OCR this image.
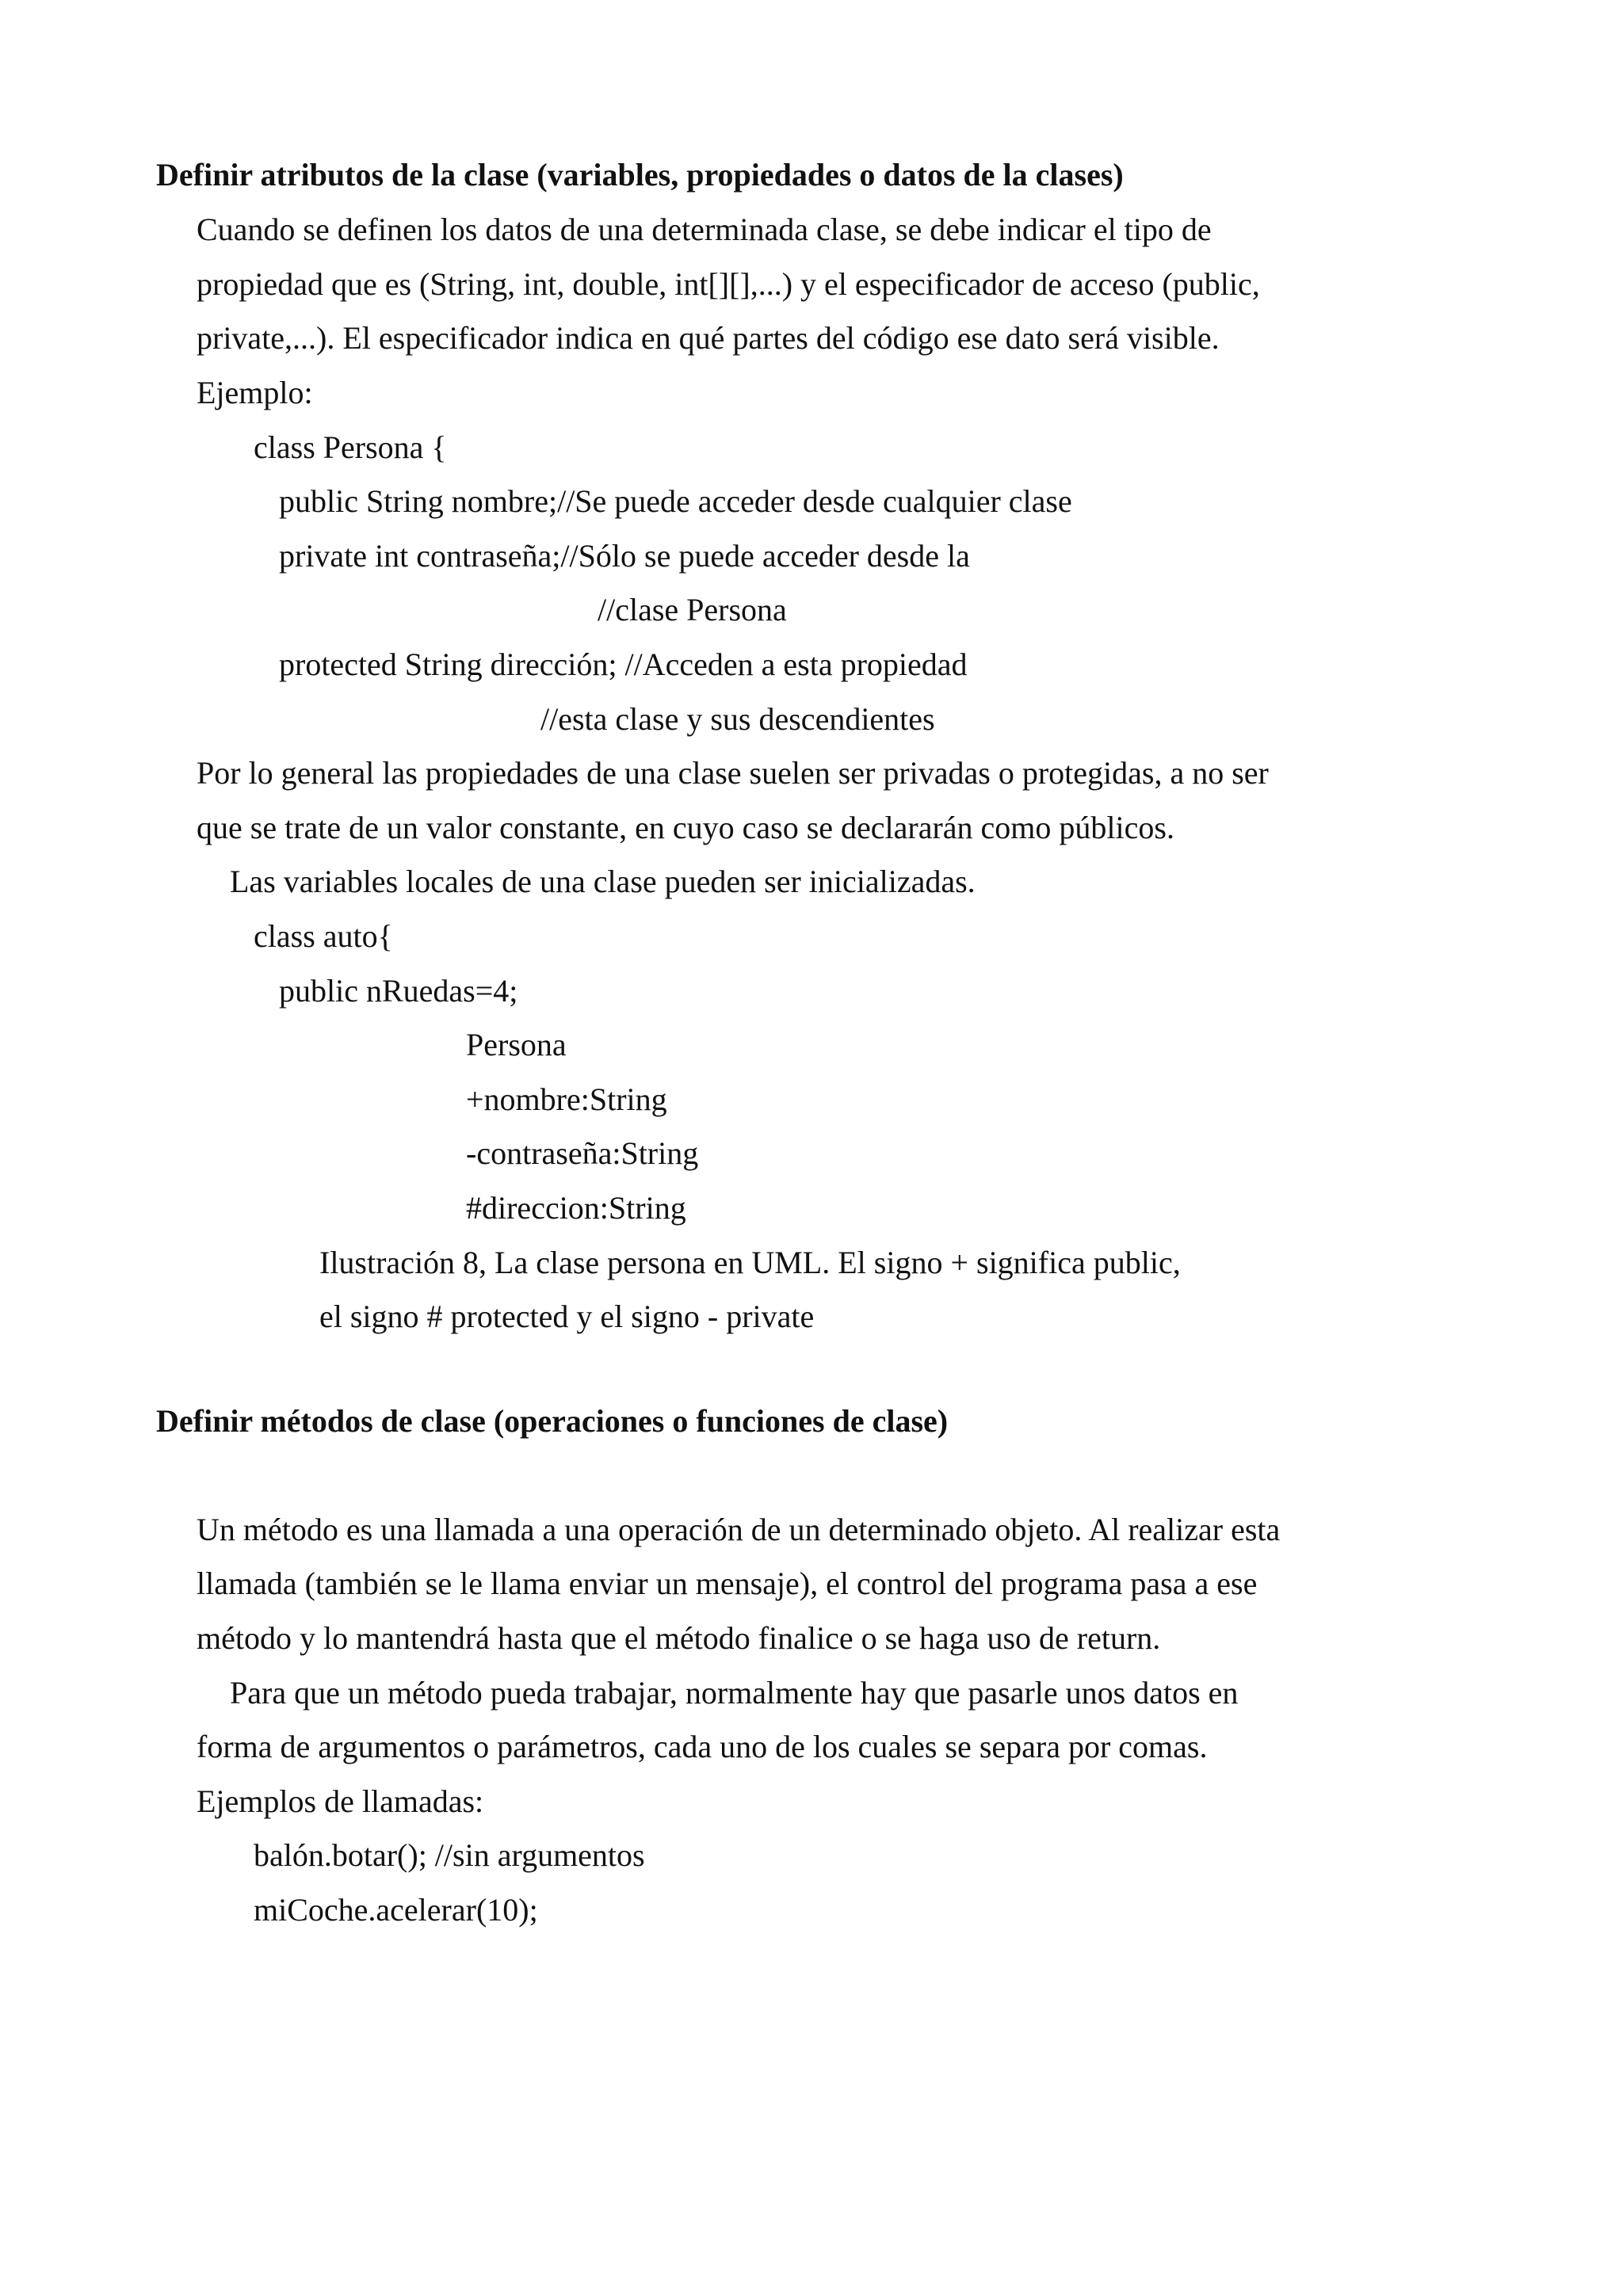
Definir atributos de la clase (variables, propiedades o datos de la clases)

Cuando se definen los datos de una determinada clase, se debe indicar el tipo de

propiedad que es (String, int, double, int[][],...) y el especificador de acceso (public,

private,...). El especificador indica en qué partes del código ese dato será visible.

Ejemplo:

class Persona {

public String nombre;//Se puede acceder desde cualquier clase

private int contraseña;//Sólo se puede acceder desde la

//clase Persona

protected String dirección; //Acceden a esta propiedad

//esta clase y sus descendientes

Por lo general las propiedades de una clase suelen ser privadas o protegidas, a no ser

que se trate de un valor constante, en cuyo caso se declararán como públicos.

Las variables locales de una clase pueden ser inicializadas.

class auto{

public nRuedas=4;

Persona

+nombre:String

-contraseña:String

#direccion:String

Ilustración 8, La clase persona en UML. El signo + significa public,

el signo # protected y el signo - private

Definir métodos de clase (operaciones o funciones de clase)

Un método es una llamada a una operación de un determinado objeto. Al realizar esta

llamada (también se le llama enviar un mensaje), el control del programa pasa a ese

método y lo mantendrá hasta que el método finalice o se haga uso de return.

Para que un método pueda trabajar, normalmente hay que pasarle unos datos en

forma de argumentos o parámetros, cada uno de los cuales se separa por comas.

Ejemplos de llamadas:

balón.botar(); //sin argumentos

miCoche.acelerar(10);
